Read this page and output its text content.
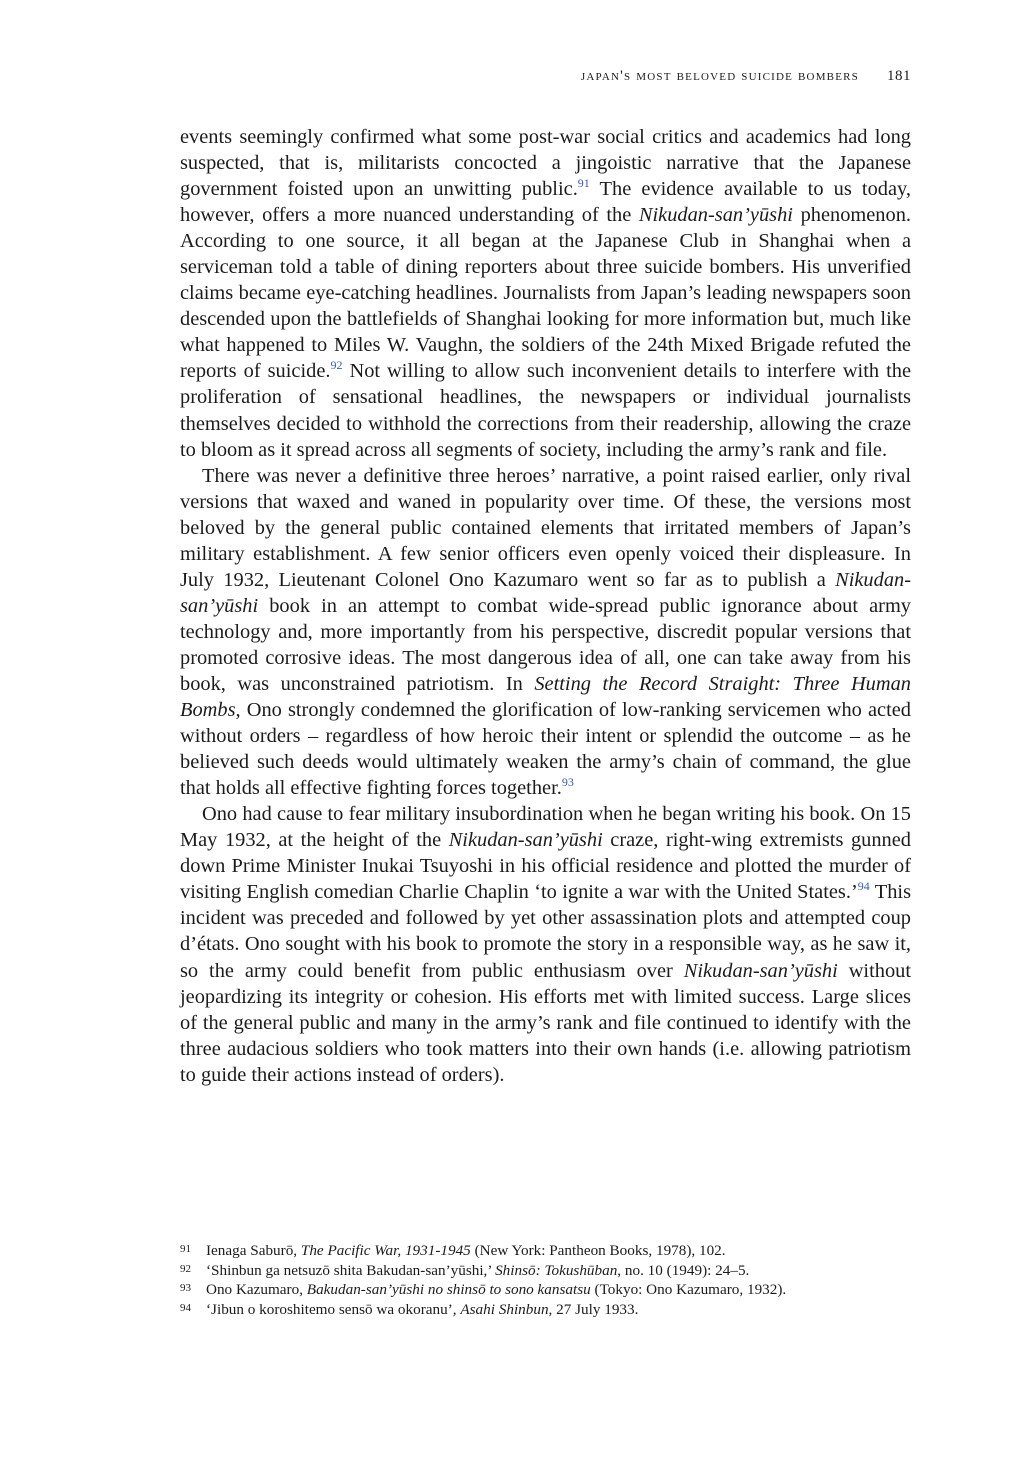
japan's most beloved suicide bombers 181

events seemingly confirmed what some post-war social critics and academics had long suspected, that is, militarists concocted a jingoistic narrative that the Japanese government foisted upon an unwitting public.$^{91}$ The evidence available to us today, however, offers a more nuanced understanding of the Nikudan-san’yūshi phenomenon. According to one source, it all began at the Japanese Club in Shanghai when a serviceman told a table of dining reporters about three suicide bombers. His unverified claims became eye-catching headlines. Journalists from Japan’s leading newspapers soon descended upon the battlefields of Shanghai looking for more information but, much like what happened to Miles W. Vaughn, the soldiers of the 24th Mixed Brigade refuted the reports of suicide.$^{92}$ Not willing to allow such inconvenient details to interfere with the proliferation of sensational headlines, the newspapers or individual journalists themselves decided to withhold the corrections from their readership, allowing the craze to bloom as it spread across all segments of society, including the army’s rank and file.

There was never a definitive three heroes’ narrative, a point raised earlier, only rival versions that waxed and waned in popularity over time. Of these, the versions most beloved by the general public contained elements that irritated members of Japan’s military establishment. A few senior officers even openly voiced their displeasure. In July 1932, Lieutenant Colonel Ono Kazumaro went so far as to publish a Nikudan-san’yūshi book in an attempt to combat wide-spread public ignorance about army technology and, more importantly from his perspective, discredit popular versions that promoted corrosive ideas. The most dangerous idea of all, one can take away from his book, was unconstrained patriotism. In Setting the Record Straight: Three Human Bombs, Ono strongly condemned the glorification of low-ranking servicemen who acted without orders – regardless of how heroic their intent or splendid the outcome – as he believed such deeds would ultimately weaken the army’s chain of command, the glue that holds all effective fighting forces together.$^{93}$

Ono had cause to fear military insubordination when he began writing his book. On 15 May 1932, at the height of the Nikudan-san’yūshi craze, right-wing extremists gunned down Prime Minister Inukai Tsuyoshi in his official residence and plotted the murder of visiting English comedian Charlie Chaplin ‘to ignite a war with the United States.’$^{94}$ This incident was preceded and followed by yet other assassination plots and attempted coup d’états. Ono sought with his book to promote the story in a responsible way, as he saw it, so the army could benefit from public enthusiasm over Nikudan-san’yūshi without jeopardizing its integrity or cohesion. His efforts met with limited success. Large slices of the general public and many in the army’s rank and file continued to identify with the three audacious soldiers who took matters into their own hands (i.e. allowing patriotism to guide their actions instead of orders).

91 Ienaga Saburō, The Pacific War, 1931-1945 (New York: Pantheon Books, 1978), 102.
92 ‘Shinbun ga netsuzō shita Bakudan-san’yūshi,’ Shinsō: Tokushūban, no. 10 (1949): 24–5.
93 Ono Kazumaro, Bakudan-san’yūshi no shinsō to sono kansatsu (Tokyo: Ono Kazumaro, 1932).
94 ‘Jibun o koroshitemo sensō wa okoranu’, Asahi Shinbun, 27 July 1933.
